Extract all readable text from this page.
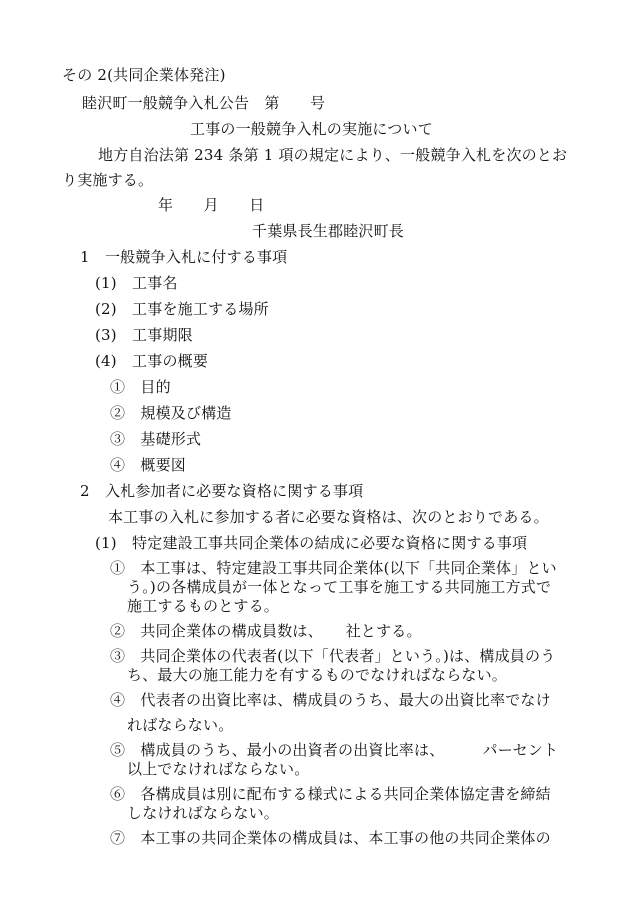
その 2(共同企業体発注)
睦沢町一般競争入札公告　第　　号
工事の一般競争入札の実施について
地方自治法第 234 条第 1 項の規定により、一般競争入札を次のとお
り実施する。
年　　月　　日
千葉県長生郡睦沢町長
1　一般競争入札に付する事項
(1)　工事名
(2)　工事を施工する場所
(3)　工事期限
(4)　工事の概要
①　目的
②　規模及び構造
③　基礎形式
④　概要図
2　入札参加者に必要な資格に関する事項
本工事の入札に参加する者に必要な資格は、次のとおりである。
(1)　特定建設工事共同企業体の結成に必要な資格に関する事項
①　本工事は、特定建設工事共同企業体(以下「共同企業体」とい
う。)の各構成員が一体となって工事を施工する共同施工方式で
施工するものとする。
②　共同企業体の構成員数は、　　社とする。
③　共同企業体の代表者(以下「代表者」という。)は、構成員のう
ち、最大の施工能力を有するものでなければならない。
④　代表者の出資比率は、構成員のうち、最大の出資比率でなけ
ればならない。
⑤　構成員のうち、最小の出資者の出資比率は、　　　パーセント
以上でなければならない。
⑥　各構成員は別に配布する様式による共同企業体協定書を締結
しなければならない。
⑦　本工事の共同企業体の構成員は、本工事の他の共同企業体の
